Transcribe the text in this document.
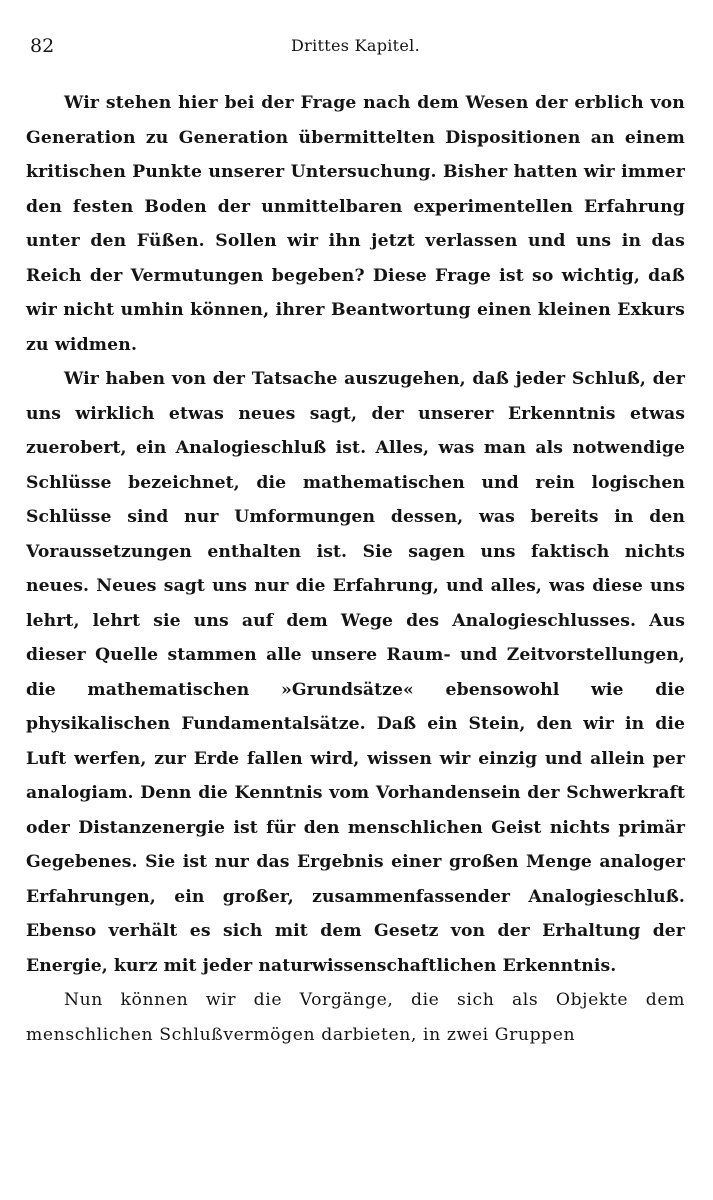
82	Drittes Kapitel.

Wir stehen hier bei der Frage nach dem Wesen der erblich von Generation zu Generation übermittelten Dispositionen an einem kritischen Punkte unserer Untersuchung. Bisher hatten wir immer den festen Boden der unmittelbaren experimentellen Erfahrung unter den Füßen. Sollen wir ihn jetzt verlassen und uns in das Reich der Vermutungen begeben? Diese Frage ist so wichtig, daß wir nicht umhin können, ihrer Beantwortung einen kleinen Exkurs zu widmen.

Wir haben von der Tatsache auszugehen, daß jeder Schluß, der uns wirklich etwas neues sagt, der unserer Erkenntnis etwas zuerobert, ein Analogieschluß ist. Alles, was man als notwendige Schlüsse bezeichnet, die mathematischen und rein logischen Schlüsse sind nur Umformungen dessen, was bereits in den Voraussetzungen enthalten ist. Sie sagen uns faktisch nichts neues. Neues sagt uns nur die Erfahrung, und alles, was diese uns lehrt, lehrt sie uns auf dem Wege des Analogieschlusses. Aus dieser Quelle stammen alle unsere Raum- und Zeitvorstellungen, die mathematischen »Grundsätze« ebensowohl wie die physikalischen Fundamentalsätze. Daß ein Stein, den wir in die Luft werfen, zur Erde fallen wird, wissen wir einzig und allein per analogiam. Denn die Kenntnis vom Vorhandensein der Schwerkraft oder Distanzenergie ist für den menschlichen Geist nichts primär Gegebenes. Sie ist nur das Ergebnis einer großen Menge analoger Erfahrungen, ein großer, zusammenfassender Analogieschluß. Ebenso verhält es sich mit dem Gesetz von der Erhaltung der Energie, kurz mit jeder naturwissenschaftlichen Erkenntnis.

Nun können wir die Vorgänge, die sich als Objekte dem menschlichen Schlußvermögen darbieten, in zwei Gruppen
